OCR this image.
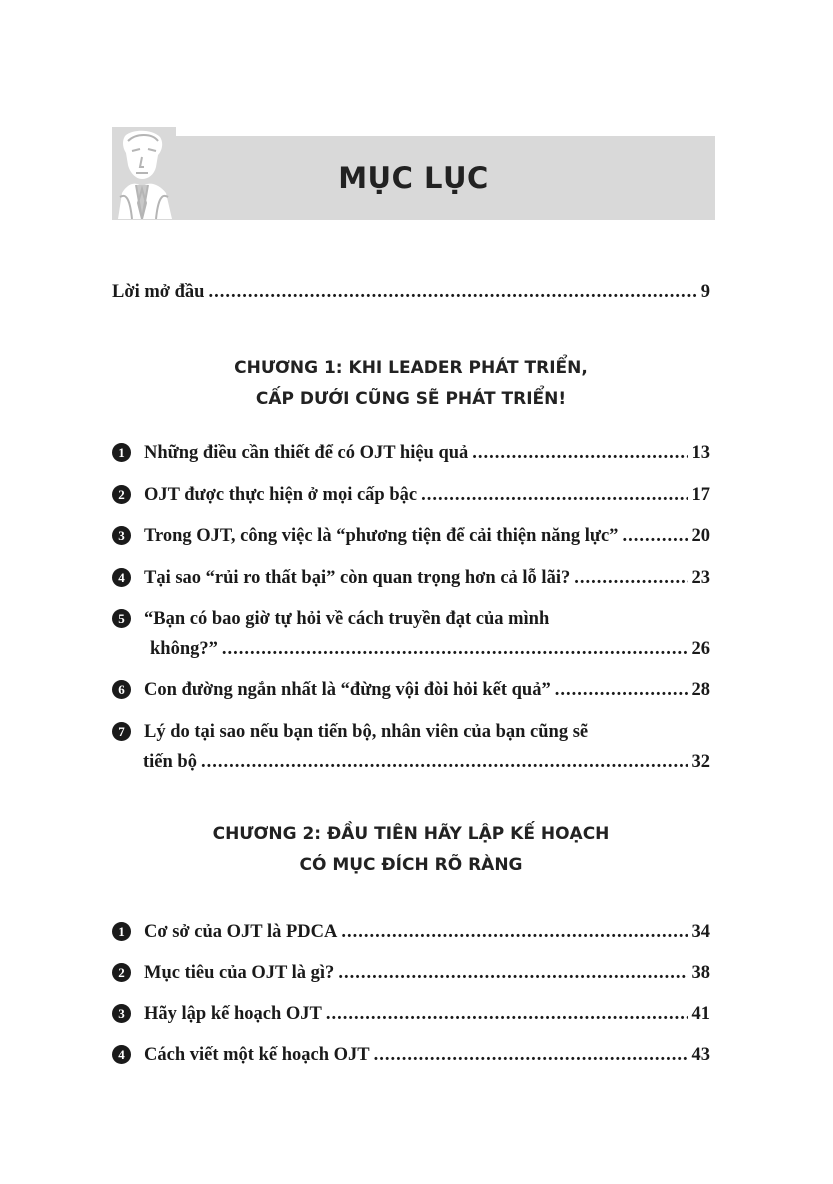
MỤC LỤC
Lời mở đầu .....	9
CHƯƠNG 1: KHI LEADER PHÁT TRIỂN,
CẤP DƯỚI CŨNG SẼ PHÁT TRIỂN!
1	Những điều cần thiết để có OJT hiệu quả .....	13
2	OJT được thực hiện ở mọi cấp bậc .....	17
3	Trong OJT, công việc là “phương tiện để cải thiện năng lực” .....	20
4	Tại sao “rủi ro thất bại” còn quan trọng hơn cả lỗ lãi? .....	23
5	“Bạn có bao giờ tự hỏi về cách truyền đạt của mình
không?” .....	26
6	Con đường ngắn nhất là “đừng vội đòi hỏi kết quả” .....	28
7	Lý do tại sao nếu bạn tiến bộ, nhân viên của bạn cũng sẽ
tiến bộ .....	32
CHƯƠNG 2: ĐẦU TIÊN HÃY LẬP KẾ HOẠCH
CÓ MỤC ĐÍCH RÕ RÀNG
1	Cơ sở của OJT là PDCA .....	34
2	Mục tiêu của OJT là gì? .....	38
3	Hãy lập kế hoạch OJT .....	41
4	Cách viết một kế hoạch OJT .....	43
